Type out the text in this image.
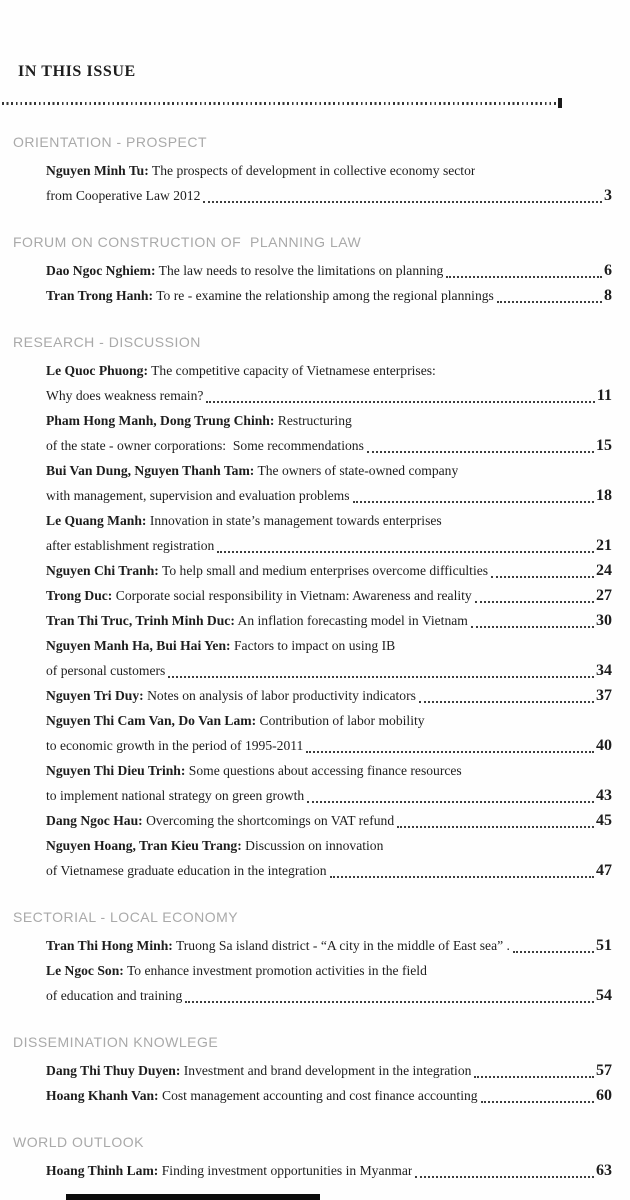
IN THIS ISSUE
ORIENTATION - PROSPECT
Nguyen Minh Tu: The prospects of development in collective economy sector
from Cooperative Law 2012	3
FORUM ON CONSTRUCTION OF  PLANNING LAW
Dao Ngoc Nghiem: The law needs to resolve the limitations on planning	6
Tran Trong Hanh: To re - examine the relationship among the regional plannings	8
RESEARCH - DISCUSSION
Le Quoc Phuong: The competitive capacity of Vietnamese enterprises:
Why does weakness remain?	11
Pham Hong Manh, Dong Trung Chinh: Restructuring
of the state - owner corporations:  Some recommendations	15
Bui Van Dung, Nguyen Thanh Tam: The owners of state-owned company
with management, supervision and evaluation problems	18
Le Quang Manh: Innovation in state’s management towards enterprises
after establishment registration	21
Nguyen Chi Tranh: To help small and medium enterprises overcome difficulties	24
Trong Duc: Corporate social responsibility in Vietnam: Awareness and reality	27
Tran Thi Truc, Trinh Minh Duc: An inflation forecasting model in Vietnam	30
Nguyen Manh Ha, Bui Hai Yen: Factors to impact on using IB
of personal customers	34
Nguyen Tri Duy: Notes on analysis of labor productivity indicators	37
Nguyen Thi Cam Van, Do Van Lam: Contribution of labor mobility
to economic growth in the period of 1995-2011	40
Nguyen Thi Dieu Trinh: Some questions about accessing finance resources
to implement national strategy on green growth	43
Dang Ngoc Hau: Overcoming the shortcomings on VAT refund	45
Nguyen Hoang, Tran Kieu Trang: Discussion on innovation
of Vietnamese graduate education in the integration	47
SECTORIAL - LOCAL ECONOMY
Tran Thi Hong Minh: Truong Sa island district - “A city in the middle of East sea” .	51
Le Ngoc Son: To enhance investment promotion activities in the field
of education and training	54
DISSEMINATION KNOWLEGE
Dang Thi Thuy Duyen: Investment and brand development in the integration	57
Hoang Khanh Van: Cost management accounting and cost finance accounting	60
WORLD OUTLOOK
Hoang Thinh Lam: Finding investment opportunities in Myanmar	63
